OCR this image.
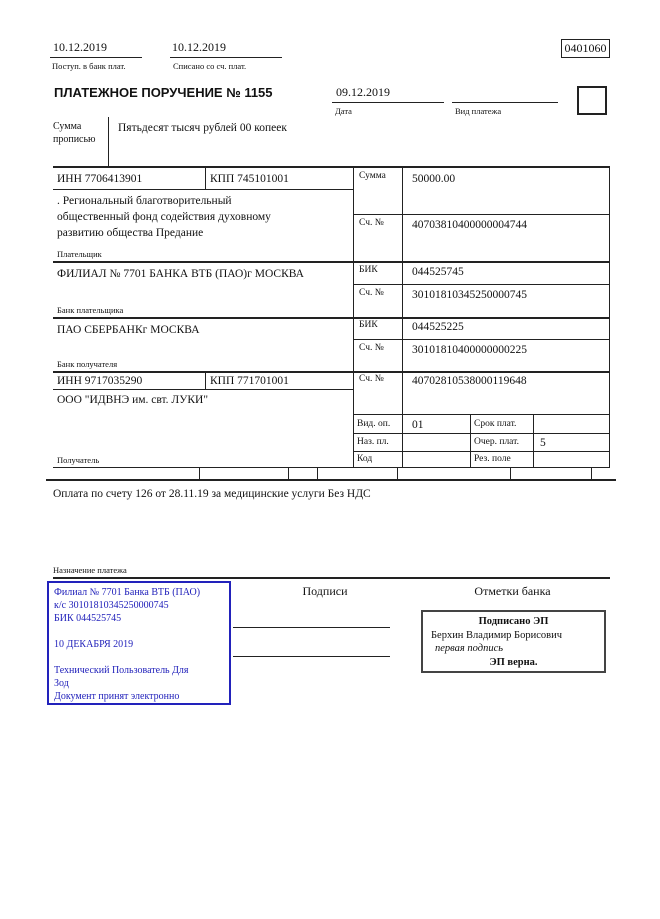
10.12.2019
Поступ. в банк плат.
10.12.2019
Списано со сч. плат.
0401060
ПЛАТЕЖНОЕ ПОРУЧЕНИЕ № 1155	09.12.2019
Дата	Вид платежа
Сумма прописью
Пятьдесят тысяч рублей 00 копеек
ИНН 7706413901	КПП 745101001
. Региональный благотворительный
общественный фонд содействия духовному
развитию общества Предание
Плательщик
ФИЛИАЛ № 7701 БАНКА ВТБ (ПАО)г МОСКВА
Банк плательщика
ПАО СБЕРБАНКг МОСКВА
Банк получателя
ИНН 9717035290	КПП 771701001
ООО "ИДВНЭ им. свт. ЛУКИ"
Получатель
Сумма 50000.00
Сч. № 40703810400000004744
БИК	044525745
Сч. № 30101810345250000745
БИК	044525225
Сч. № 30101810400000000225
Сч. № 40702810538000119648
Вид. оп. 01	Срок плат.
Наз. пл.	Очер. плат. 5
Код	Рез. поле
Оплата по счету 126 от 28.11.19 за медицинские услуги Без НДС
Назначение платежа
Подписи	Отметки банка
Филиал № 7701 Банка ВТБ (ПАО)
к/с 30101810345250000745
БИК 044525745
10 ДЕКАБРЯ 2019
Технический Пользователь Для
Зод
Документ принят электронно
Подписано ЭП
Берхин Владимир Борисович
первая подпись
ЭП верна.
